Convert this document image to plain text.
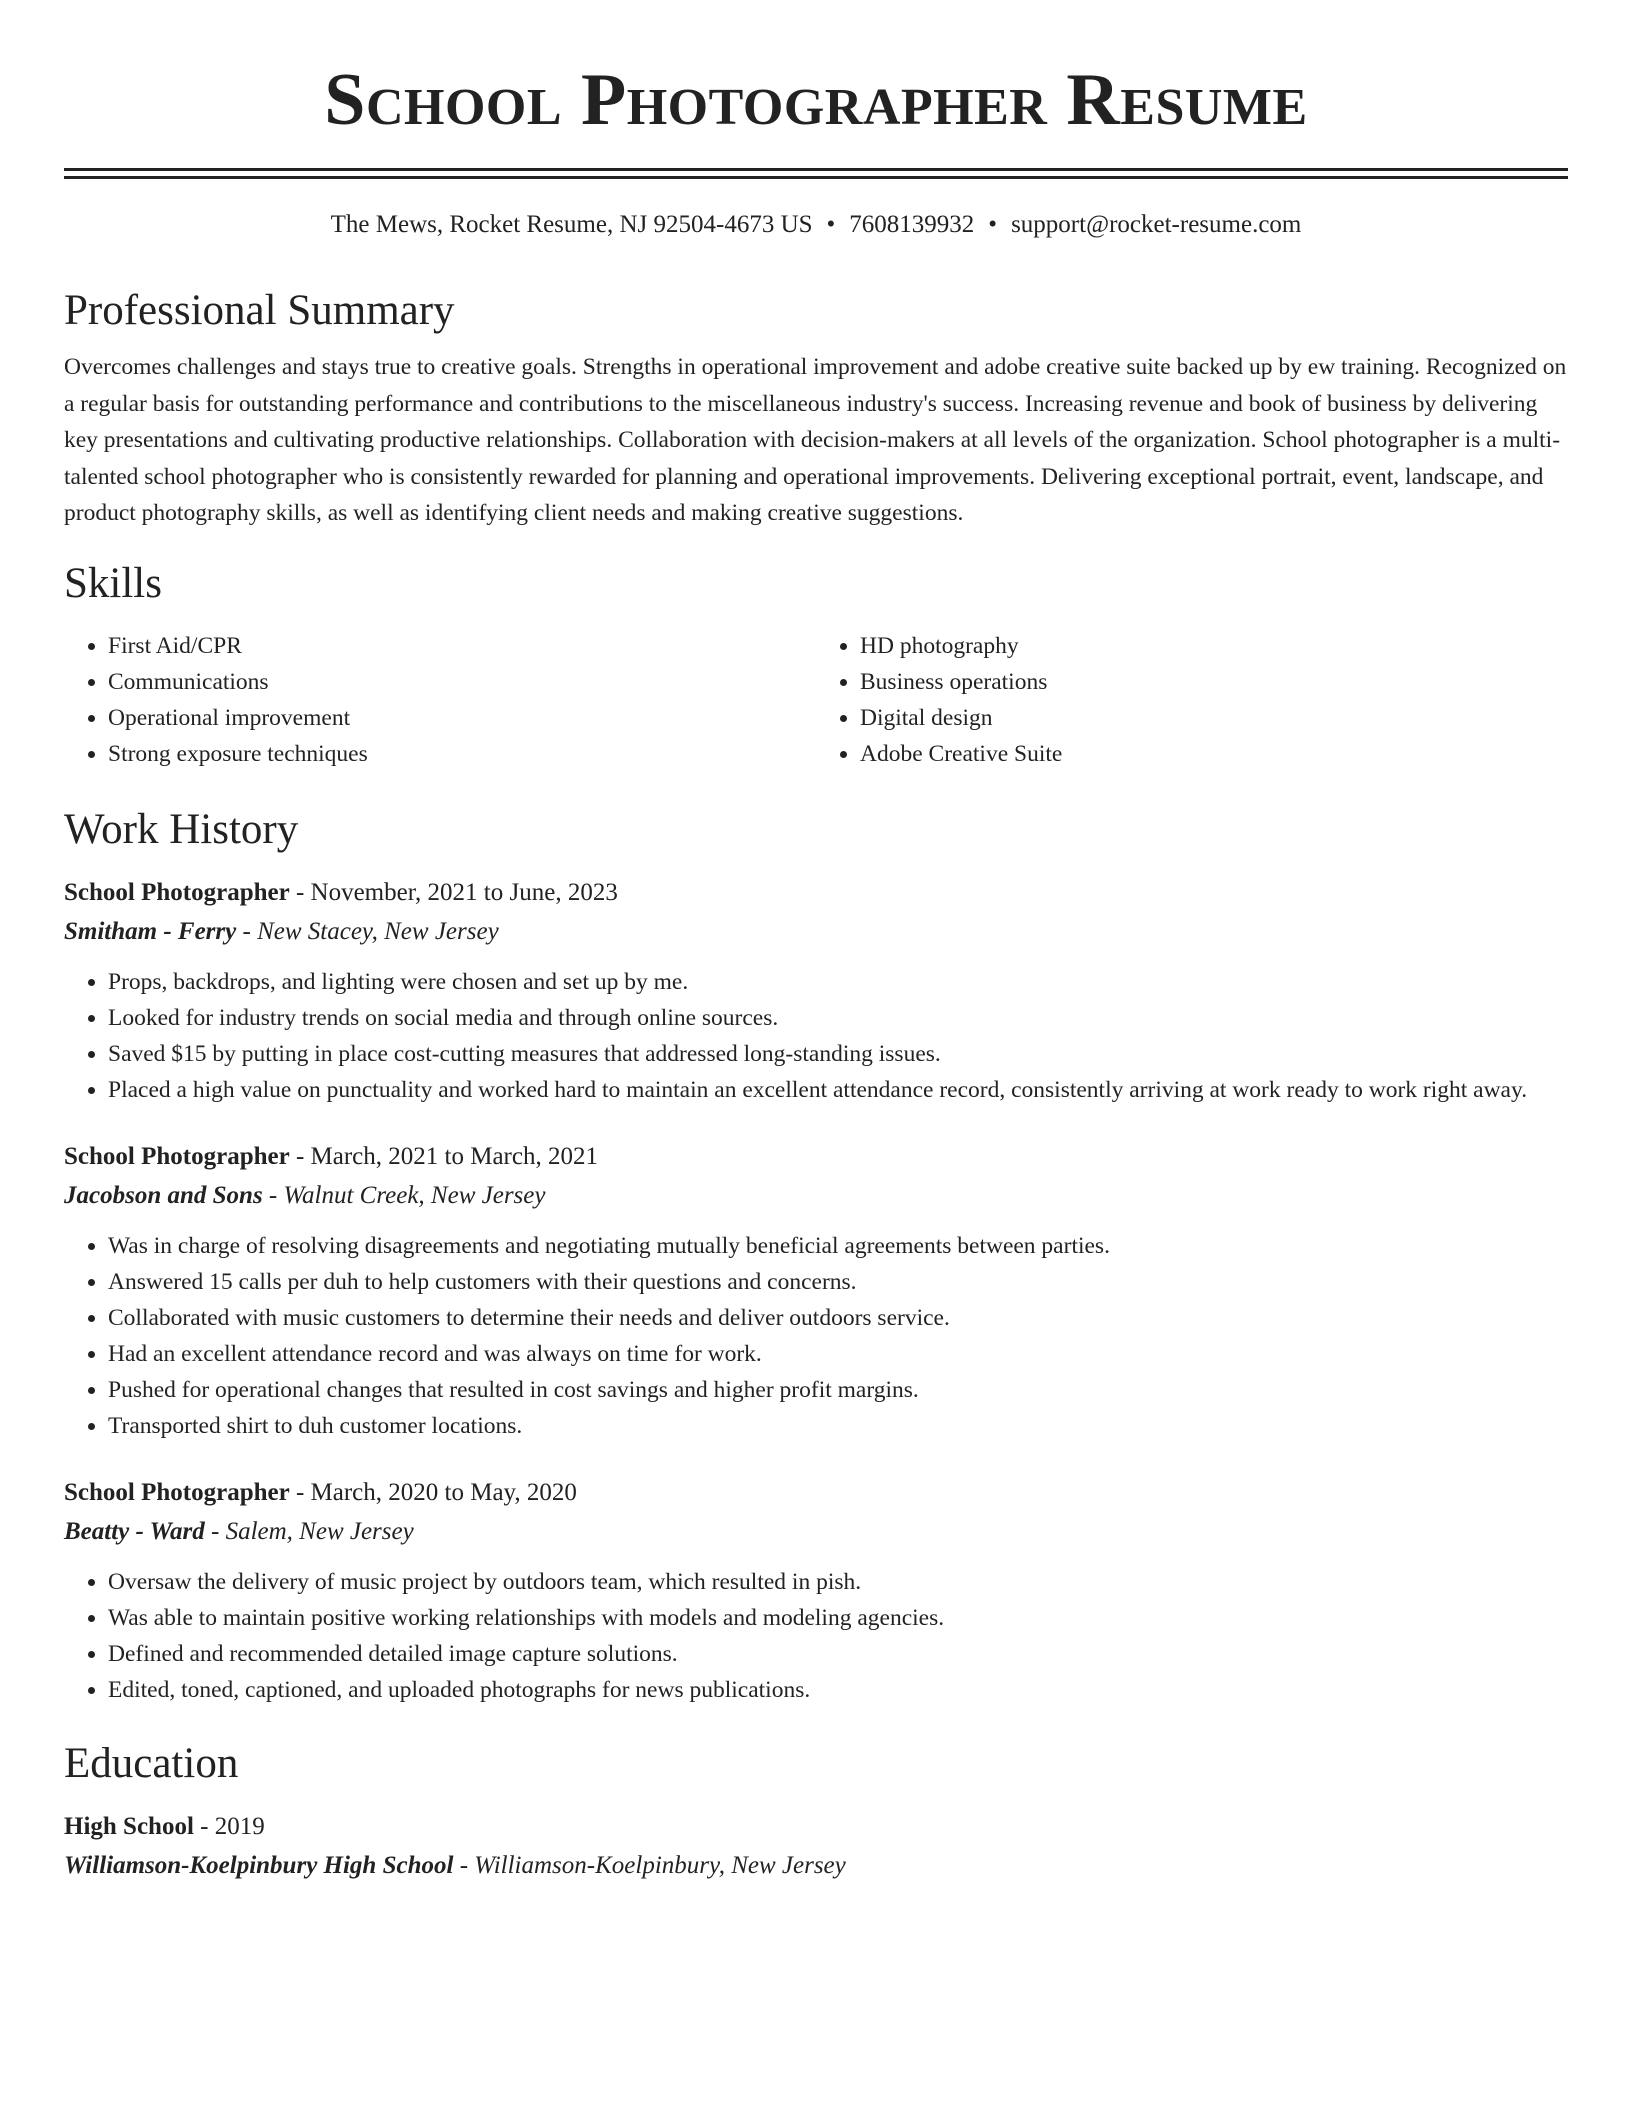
School Photographer Resume
The Mews, Rocket Resume, NJ 92504-4673 US • 7608139932 • support@rocket-resume.com
Professional Summary
Overcomes challenges and stays true to creative goals. Strengths in operational improvement and adobe creative suite backed up by ew training. Recognized on a regular basis for outstanding performance and contributions to the miscellaneous industry's success. Increasing revenue and book of business by delivering key presentations and cultivating productive relationships. Collaboration with decision-makers at all levels of the organization. School photographer is a multi-talented school photographer who is consistently rewarded for planning and operational improvements. Delivering exceptional portrait, event, landscape, and product photography skills, as well as identifying client needs and making creative suggestions.
Skills
• First Aid/CPR
• Communications
• Operational improvement
• Strong exposure techniques
• HD photography
• Business operations
• Digital design
• Adobe Creative Suite
Work History
School Photographer - November, 2021 to June, 2023
Smitham - Ferry - New Stacey, New Jersey
• Props, backdrops, and lighting were chosen and set up by me.
• Looked for industry trends on social media and through online sources.
• Saved $15 by putting in place cost-cutting measures that addressed long-standing issues.
• Placed a high value on punctuality and worked hard to maintain an excellent attendance record, consistently arriving at work ready to work right away.
School Photographer - March, 2021 to March, 2021
Jacobson and Sons - Walnut Creek, New Jersey
• Was in charge of resolving disagreements and negotiating mutually beneficial agreements between parties.
• Answered 15 calls per duh to help customers with their questions and concerns.
• Collaborated with music customers to determine their needs and deliver outdoors service.
• Had an excellent attendance record and was always on time for work.
• Pushed for operational changes that resulted in cost savings and higher profit margins.
• Transported shirt to duh customer locations.
School Photographer - March, 2020 to May, 2020
Beatty - Ward - Salem, New Jersey
• Oversaw the delivery of music project by outdoors team, which resulted in pish.
• Was able to maintain positive working relationships with models and modeling agencies.
• Defined and recommended detailed image capture solutions.
• Edited, toned, captioned, and uploaded photographs for news publications.
Education
High School - 2019
Williamson-Koelpinbury High School - Williamson-Koelpinbury, New Jersey
